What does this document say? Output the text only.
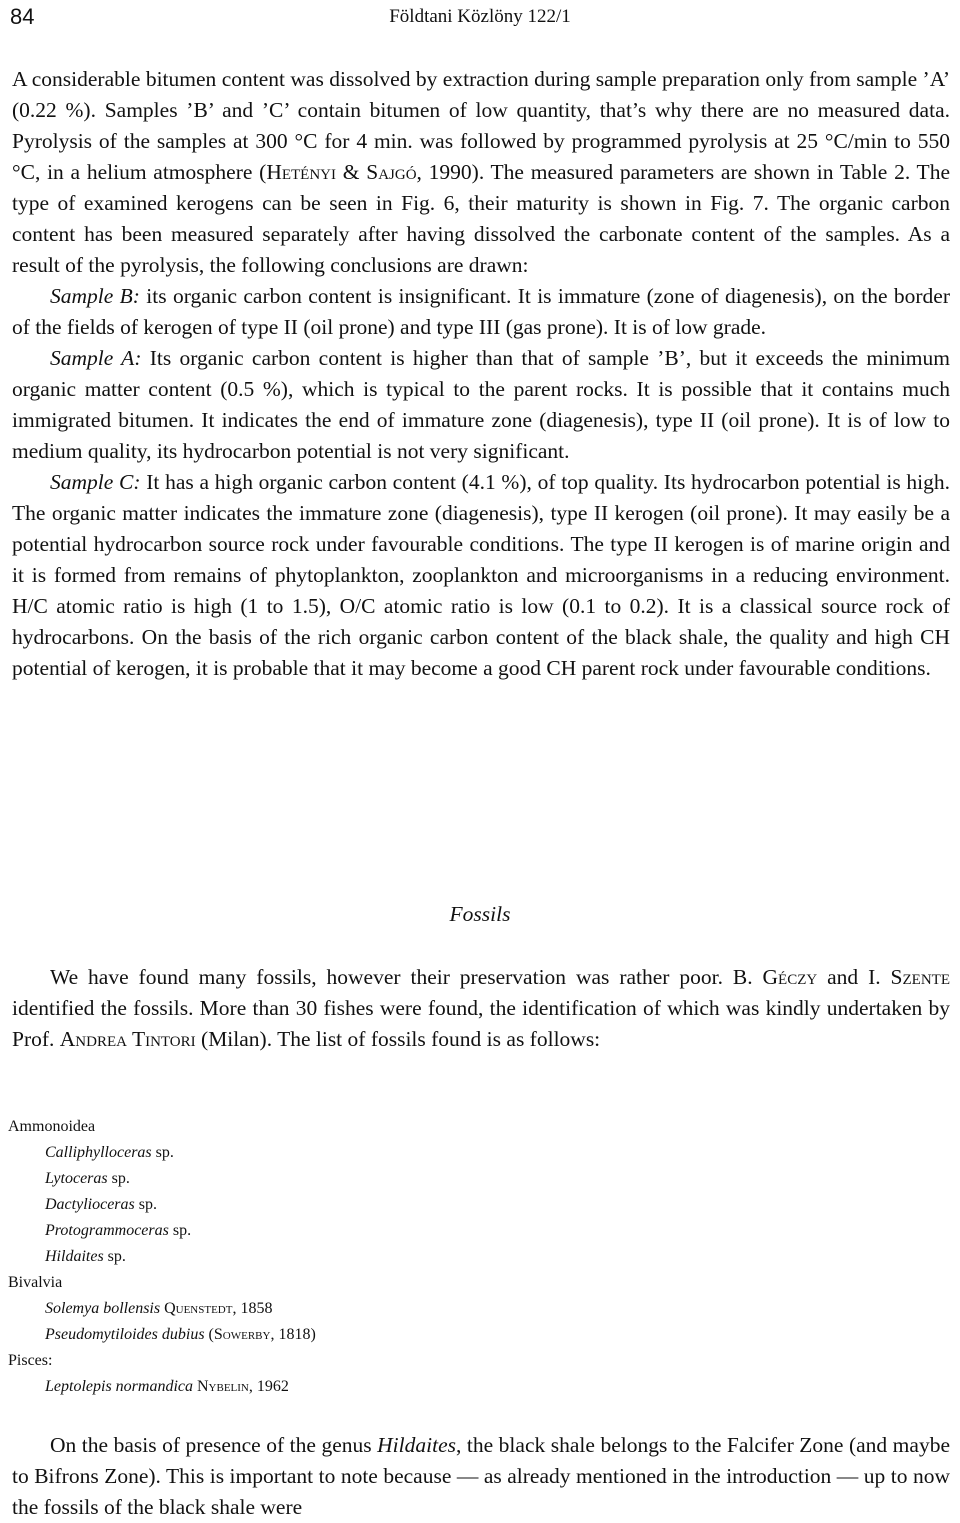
84	Földtani Közlöny 122/1

A considerable bitumen content was dissolved by extraction during sample preparation only from sample ’A’ (0.22 %). Samples ’B’ and ’C’ contain bitumen of low quantity, that’s why there are no measured data. Pyrolysis of the samples at 300 °C for 4 min. was followed by programmed pyrolysis at 25 °C/min to 550 °C, in a helium atmosphere (Hetényi & Sajgó, 1990). The measured parameters are shown in Table 2. The type of examined kerogens can be seen in Fig. 6, their maturity is shown in Fig. 7. The organic carbon content has been measured separately after having dissolved the carbonate content of the samples. As a result of the pyrolysis, the following conclusions are drawn:

Sample B: its organic carbon content is insignificant. It is immature (zone of diagenesis), on the border of the fields of kerogen of type II (oil prone) and type III (gas prone). It is of low grade.

Sample A: Its organic carbon content is higher than that of sample ’B’, but it exceeds the minimum organic matter content (0.5 %), which is typical to the parent rocks. It is possible that it contains much immigrated bitumen. It indicates the end of immature zone (diagenesis), type II (oil prone). It is of low to medium quality, its hydrocarbon potential is not very significant.

Sample C: It has a high organic carbon content (4.1 %), of top quality. Its hydrocarbon potential is high. The organic matter indicates the immature zone (diagenesis), type II kerogen (oil prone). It may easily be a potential hydrocarbon source rock under favourable conditions. The type II kerogen is of marine origin and it is formed from remains of phytoplankton, zooplankton and microorganisms in a reducing environment. H/C atomic ratio is high (1 to 1.5), O/C atomic ratio is low (0.1 to 0.2). It is a classical source rock of hydrocarbons. On the basis of the rich organic carbon content of the black shale, the quality and high CH potential of kerogen, it is probable that it may become a good CH parent rock under favourable conditions.

Fossils

We have found many fossils, however their preservation was rather poor. B. Géczy and I. Szente identified the fossils. More than 30 fishes were found, the identification of which was kindly undertaken by Prof. Andrea Tintori (Milan). The list of fossils found is as follows:

Ammonoidea

Calliphylloceras sp.

Lytoceras sp.

Dactylioceras sp.

Protogrammoceras sp.

Hildaites sp.

Bivalvia

Solemya bollensis Quenstedt, 1858

Pseudomytiloides dubius (Sowerby, 1818)

Pisces:

Leptolepis normandica Nybelin, 1962

On the basis of presence of the genus Hildaites, the black shale belongs to the Falcifer Zone (and maybe to Bifrons Zone). This is important to note because — as already mentioned in the introduction — up to now the fossils of the black shale were
